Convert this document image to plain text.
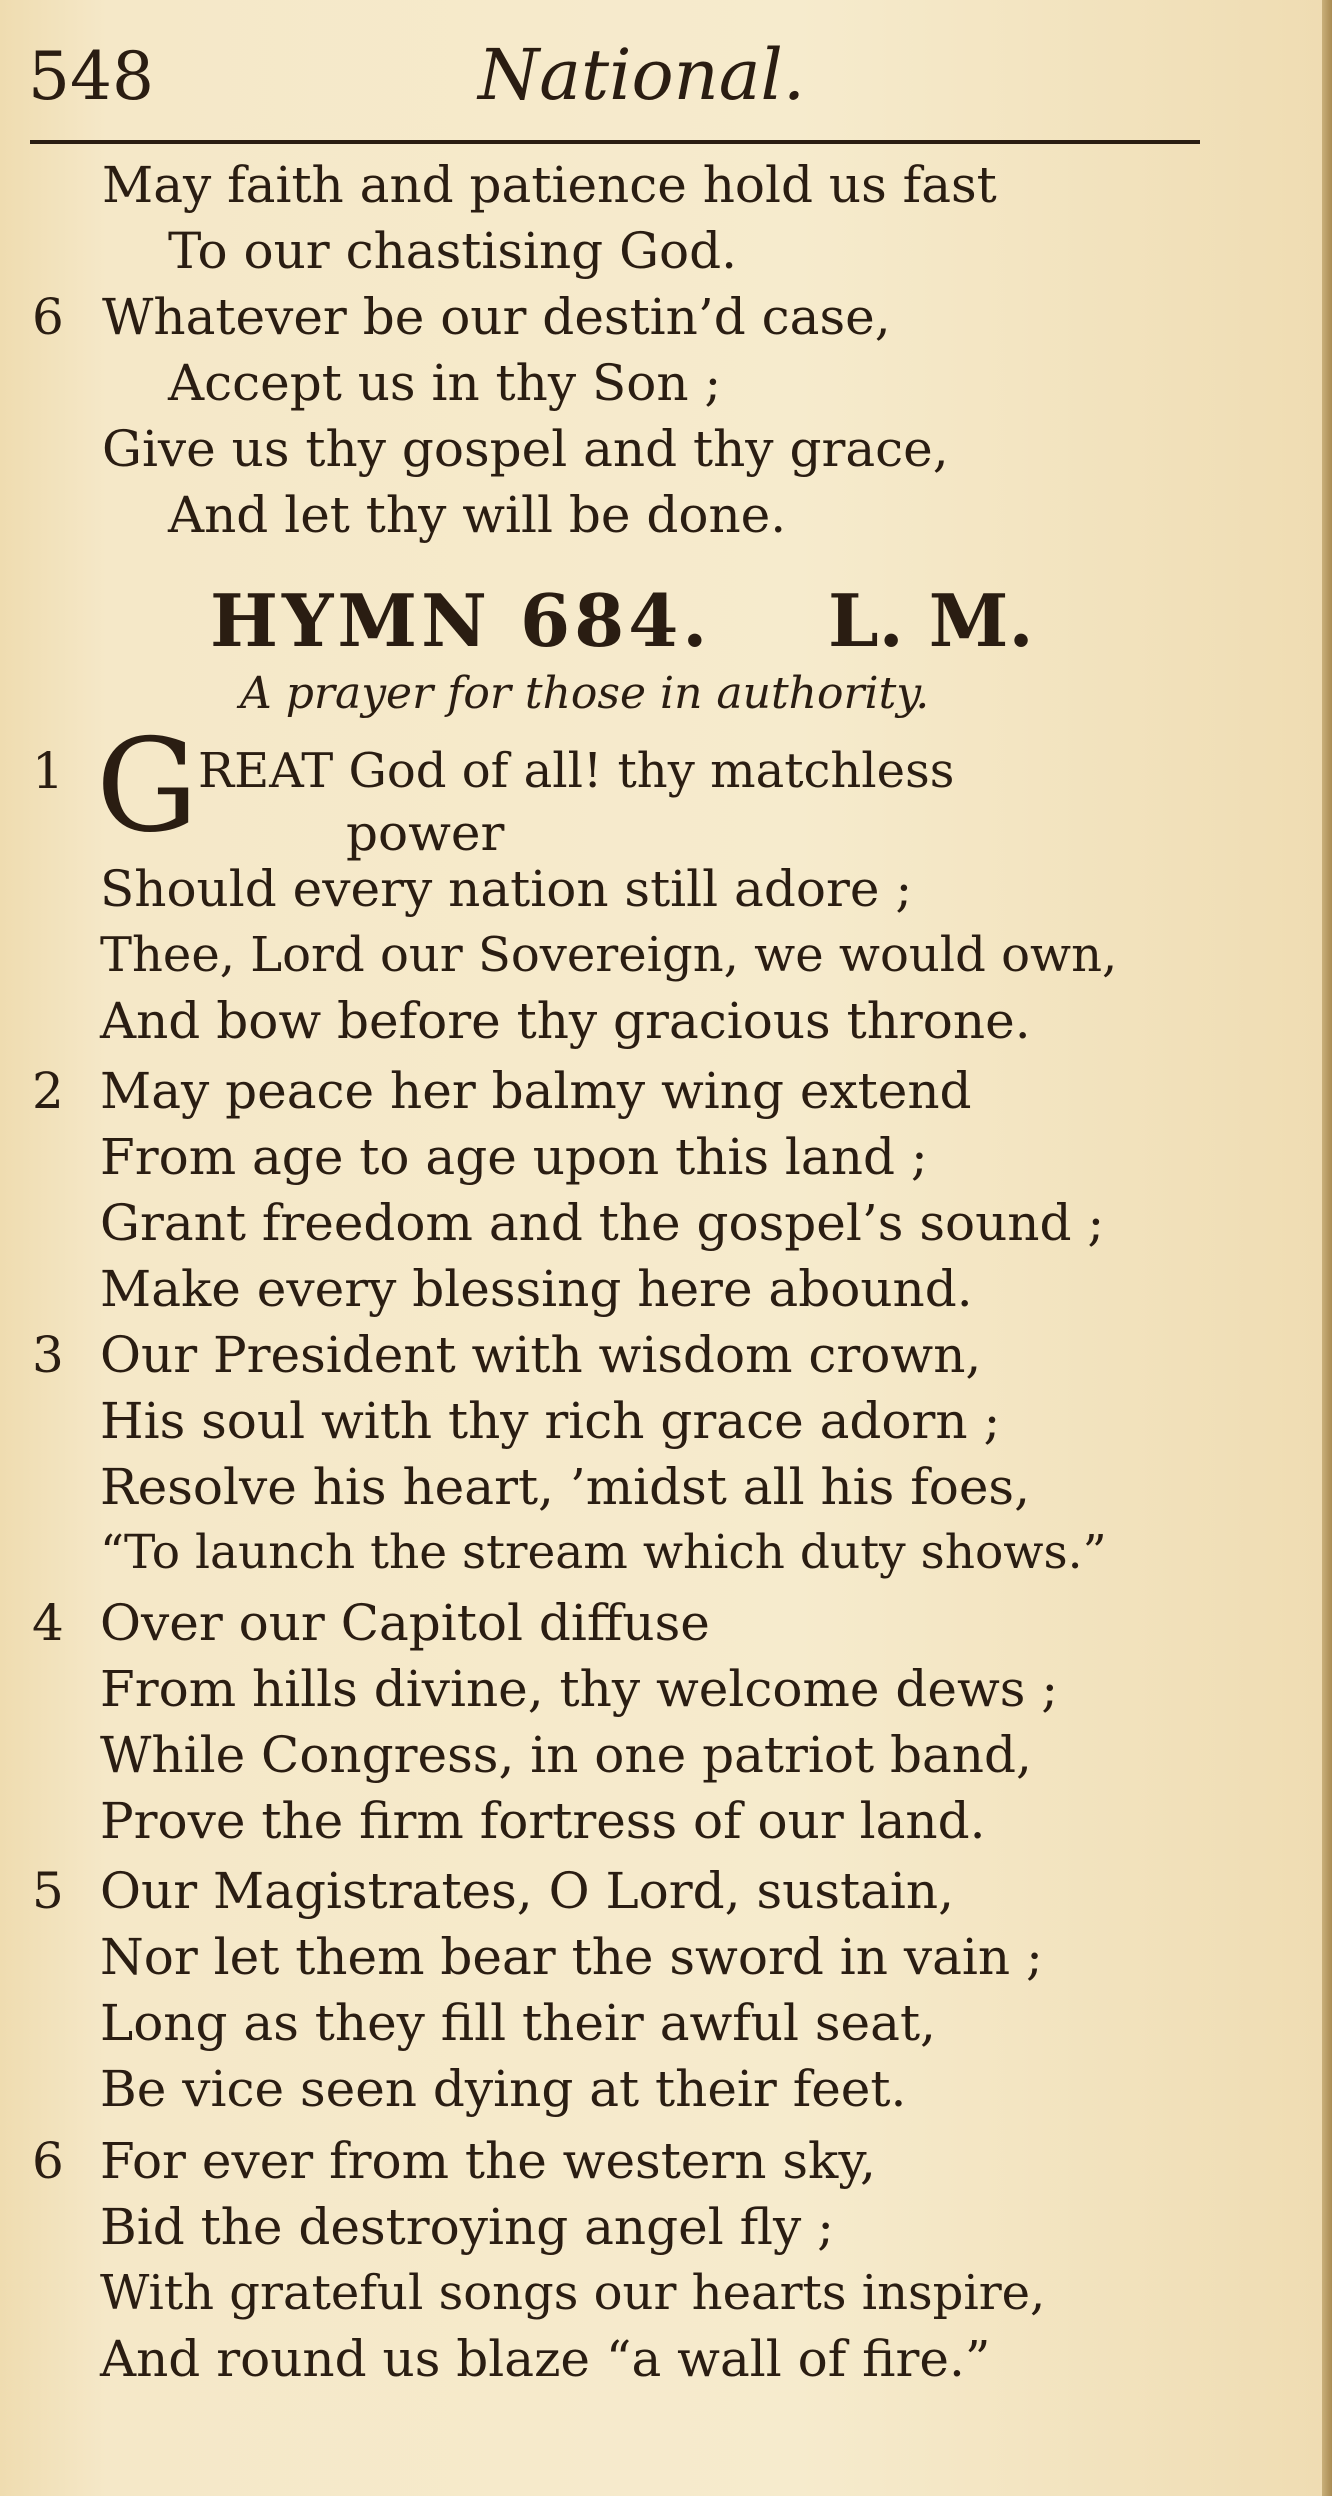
548	National.
May faith and patience hold us fast
To our chastising God.
6 Whatever be our destin’d case,
Accept us in thy Son ;
Give us thy gospel and thy grace,
And let thy will be done.
HYMN 684. L. M.
A prayer for those in authority.
1 G REAT God of all! thy matchless
power
Should every nation still adore ;
Thee, Lord our Sovereign, we would own,
And bow before thy gracious throne.
2 May peace her balmy wing extend
From age to age upon this land ;
Grant freedom and the gospel’s sound ;
Make every blessing here abound.
3 Our President with wisdom crown,
His soul with thy rich grace adorn ;
Resolve his heart, ’midst all his foes,
“To launch the stream which duty shows.”
4 Over our Capitol diffuse
From hills divine, thy welcome dews ;
While Congress, in one patriot band,
Prove the firm fortress of our land.
5 Our Magistrates, O Lord, sustain,
Nor let them bear the sword in vain ;
Long as they fill their awful seat,
Be vice seen dying at their feet.
6 For ever from the western sky,
Bid the destroying angel fly ;
With grateful songs our hearts inspire,
And round us blaze “a wall of fire.”
